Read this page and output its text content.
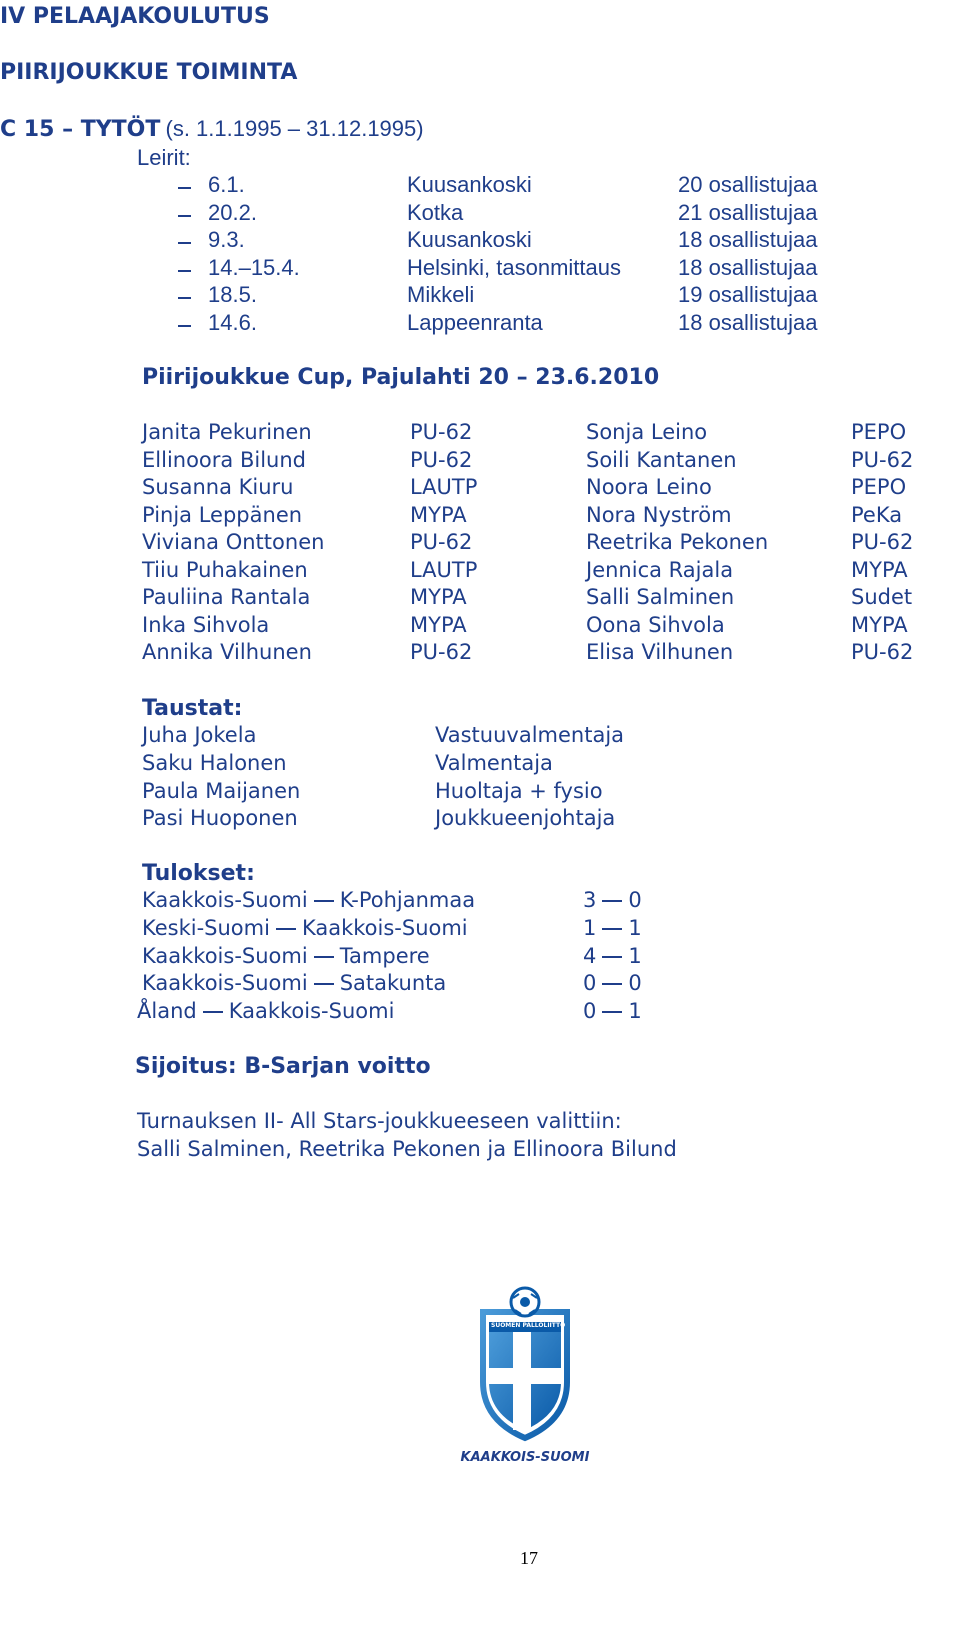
IV PELAAJAKOULUTUS
PIIRIJOUKKUE TOIMINTA
C 15 – TYTÖT (s. 1.1.1995 – 31.12.1995)
Leirit:
6.1.	Kuusankoski	20 osallistujaa
20.2.	Kotka	21 osallistujaa
9.3.	Kuusankoski	18 osallistujaa
14.–15.4.	Helsinki, tasonmittaus	18 osallistujaa
18.5.	Mikkeli	19 osallistujaa
14.6.	Lappeenranta	18 osallistujaa
Piirijoukkue Cup, Pajulahti 20 – 23.6.2010
Janita Pekurinen	PU-62	Sonja Leino	PEPO
Ellinoora Bilund	PU-62	Soili Kantanen	PU-62
Susanna Kiuru	LAUTP	Noora Leino	PEPO
Pinja Leppänen	MYPA	Nora Nyström	PeKa
Viviana Onttonen	PU-62	Reetrika Pekonen	PU-62
Tiiu Puhakainen	LAUTP	Jennica Rajala	MYPA
Pauliina Rantala	MYPA	Salli Salminen	Sudet
Inka Sihvola	MYPA	Oona Sihvola	MYPA
Annika Vilhunen	PU-62	Elisa Vilhunen	PU-62
Taustat:
Juha Jokela	Vastuuvalmentaja
Saku Halonen	Valmentaja
Paula Maijanen	Huoltaja + fysio
Pasi Huoponen	Joukkueenjohtaja
Tulokset:
Kaakkois-Suomi K-Pohjanmaa	3 0
Keski-Suomi Kaakkois-Suomi	1 1
Kaakkois-Suomi Tampere	4 1
Kaakkois-Suomi Satakunta	0 0
Åland Kaakkois-Suomi	0 1
Sijoitus: B-Sarjan voitto
Turnauksen II- All Stars-joukkueeseen valittiin:
Salli Salminen, Reetrika Pekonen ja Ellinoora Bilund
SUOMEN PALLOLIITTO
KAAKKOIS-SUOMI
17
